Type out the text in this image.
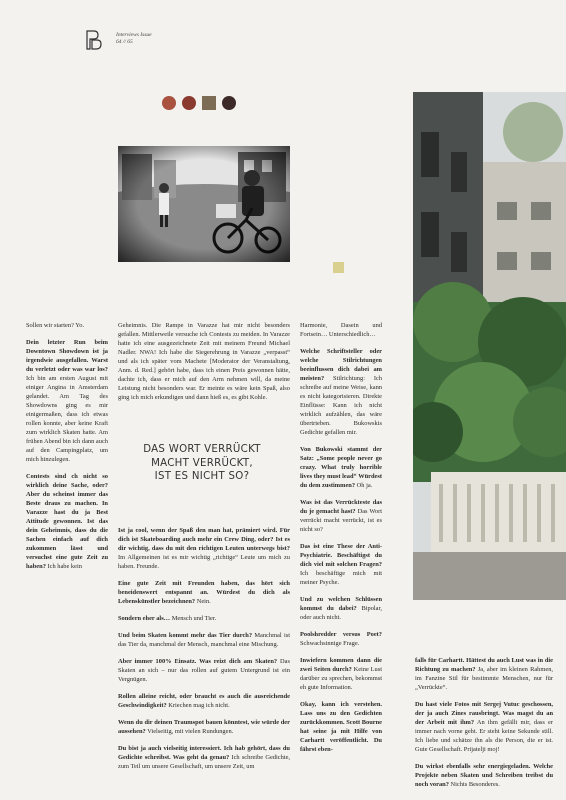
Interviews Issue
64 // 65

Sollen wir starten? Yo.

Dein letzter Run beim Downtown Showdown ist ja irgendwie ausgefallen. Warst du verletzt oder was war los? Ich bin am ersten August mit einiger Angina in Amsterdam gelandet. Am Tag des Showdowns ging es mir einigermaßen, dass ich etwas rollen konnte, aber keine Kraft zum wirklich Skaten hatte. Am frühen Abend bin ich dann auch auf den Campingplatz, um mich hinzulegen.

Contests sind ch nicht so wirklich deine Sache, oder? Aber du scheinst immer das Beste draus zu machen. In Varazze hast du ja Best Attitude gewonnen. Ist das dein Geheimnis, dass du die Sachen einfach auf dich zukommen lässt und versuchst eine gute Zeit zu haben? Ich habe kein

Geheimnis. Die Rampe in Varazze hat mir nicht besonders gefallen. Mittlerweile versuche ich Contests zu meiden. In Varazze hatte ich eine ausgezeichnete Zeit mit meinem Freund Michael Nadler. NWA! Ich habe die Siegerehrung in Varazze „verpasst“ und als ich später vom Machete [Moderator der Veranstaltung, Anm. d. Red.] gehört habe, dass ich einen Preis gewonnen hätte, dachte ich, dass er mich auf den Arm nehmen will, da meine Leistung nicht besonders war. Er meinte es wäre kein Spaß, also ging ich mich erkundigen und dann hieß es, es gibt Kohle.

Ist ja cool, wenn der Spaß den man hat, prämiert wird. Für dich ist Skateboarding auch mehr ein Crew Ding, oder? Ist es dir wichtig, dass du mit den richtigen Leuten unterwegs bist? Im Allgemeinen ist es mir wichtig „richtige“ Leute um mich zu haben. Freunde.

Eine gute Zeit mit Freunden haben, das hört sich beneidenswert entspannt an. Würdest du dich als Lebenskünstler bezeichnen? Nein.

Sondern eher als… Mensch und Tier.

Und beim Skaten kommt mehr das Tier durch? Manchmal ist das Tier da, manchmal der Mensch, manchmal eine Mischung.

Aber immer 100% Einsatz. Was reizt dich am Skaten? Das Skaten an sich – nur das rollen auf gutem Untergrund ist ein Vergnügen.

Rollen alleine reicht, oder braucht es auch die ausreichende Geschwindigkeit? Kriechen mag ich nicht.

Wenn du dir deinen Traumspot bauen könntest, wie würde der aussehen? Vielseitig, mit vielen Rundungen.

Du bist ja auch vielseitig interessiert. Ich hab gehört, dass du Gedichte schreibst. Was geht da genau? Ich schreibe Gedichte, zum Teil um unsere Gesellschaft, um unsere Zeit, um

DAS WORT VERRÜCKT
MACHT VERRÜCKT,
IST ES NICHT SO?

Harmonie, Dasein und Fortsein… Unterschiedlich…

Welche Schriftsteller oder welche Stilrichtungen beeinflussen dich dabei am meisten? Stilrichtung: Ich schreibe auf meine Weise, kann es nicht kategorisieren. Direkte Einflüsse: Kann ich nicht wirklich aufzählen, das wäre übertrieben. Bukowskis Gedichte gefallen mir.

Von Bukowski stammt der Satz: „Some people never go crazy. What truly horrible lives they must lead“ Würdest du dem zustimmen? Oh ja.

Was ist das Verrückteste das du je gemacht hast? Das Wort verrückt macht verrückt, ist es nicht so?

Das ist eine These der Anti-Psychiatrie. Beschäftigst du dich viel mit solchen Fragen? Ich beschäftige mich mit meiner Psyche.

Und zu welchen Schlüssen kommst du dabei? Bipolar, oder auch nicht.

Poolshredder versus Poet? Schwachsinnige Frage.

Inwiefern kommen dann die zwei Seiten durch? Keine Lust darüber zu sprechen, bekommst eh gute Information.

Okay, kann ich verstehen. Lass uns zu den Gedichten zurückkommen. Scott Bourne hat seine ja mit Hilfe von Carhartt veröffentlicht. Du fährst eben-

falls für Carhartt. Hättest du auch Lust was in die Richtung zu machen? Ja, aber im kleinen Rahmen, im Fanzine Stil für bestimmte Menschen, nur für „Verrückte“.

Du hast viele Fotos mit Sergej Vutuc geschossen, der ja auch Zines rausbringt. Was magst du an der Arbeit mit ihm? An ihm gefällt mir, dass er immer nach vorne geht. Er steht keine Sekunde still. Ich liebe und schätze ihn als die Person, die er ist. Gute Gesellschaft. Prijatelji moj!

Du wirkst ebenfalls sehr energiegeladen. Welche Projekte neben Skaten und Schreiben treibst du noch voran? Nichts Besonderes.
